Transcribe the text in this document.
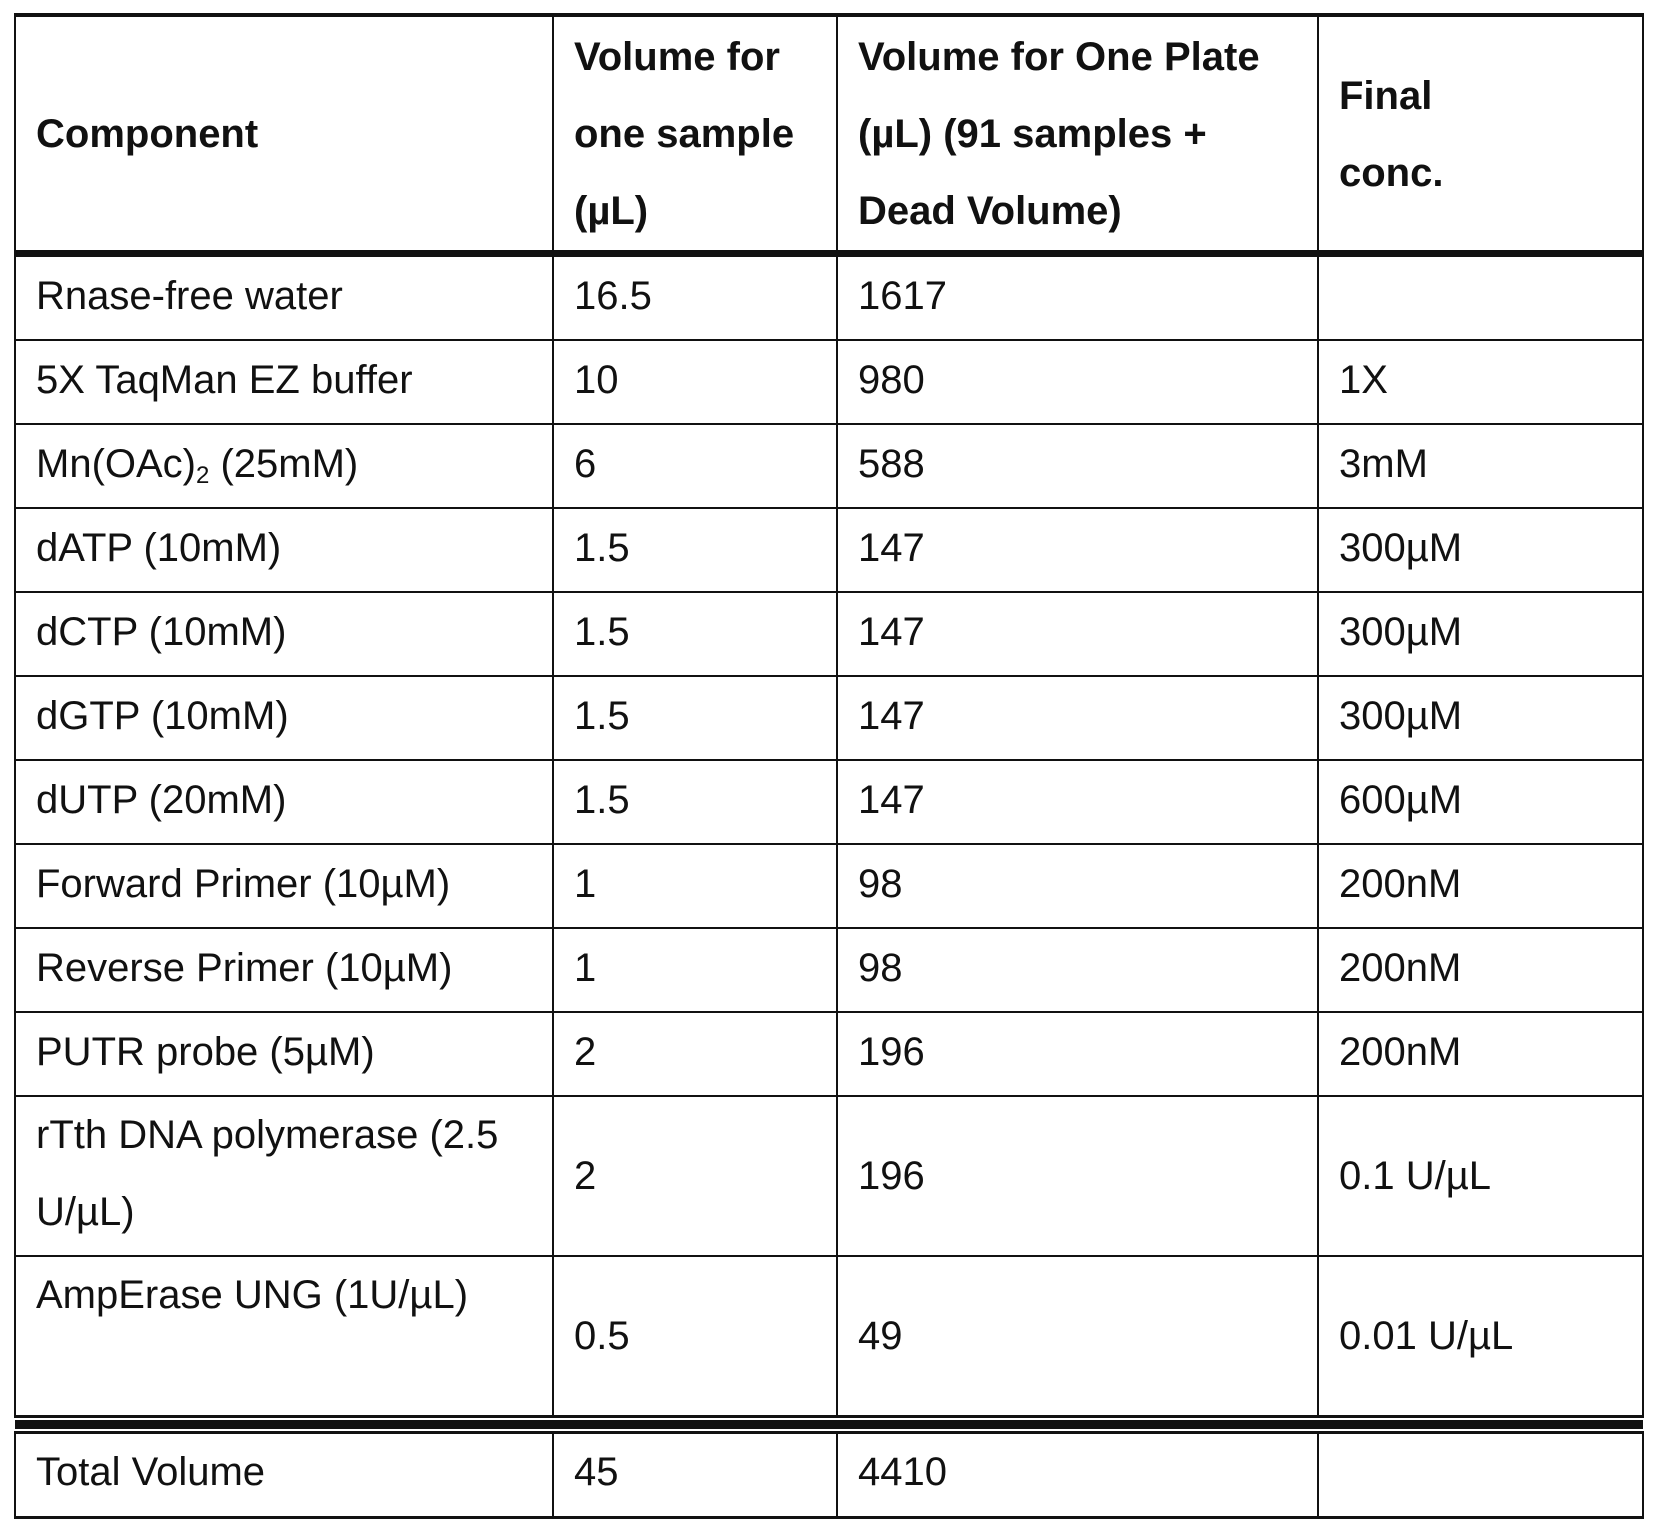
Component	Volume for one sample (µL)	Volume for One Plate (µL) (91 samples + Dead Volume)	Final conc.
Rnase-free water	16.5	1617	
5X TaqMan EZ buffer	10	980	1X
Mn(OAc)2 (25mM)	6	588	3mM
dATP (10mM)	1.5	147	300µM
dCTP (10mM)	1.5	147	300µM
dGTP (10mM)	1.5	147	300µM
dUTP (20mM)	1.5	147	600µM
Forward Primer (10µM)	1	98	200nM
Reverse Primer (10µM)	1	98	200nM
PUTR probe (5µM)	2	196	200nM
rTth DNA polymerase (2.5 U/µL)	2	196	0.1 U/µL
AmpErase UNG (1U/µL)	0.5	49	0.01 U/µL

Total Volume	45	4410	
